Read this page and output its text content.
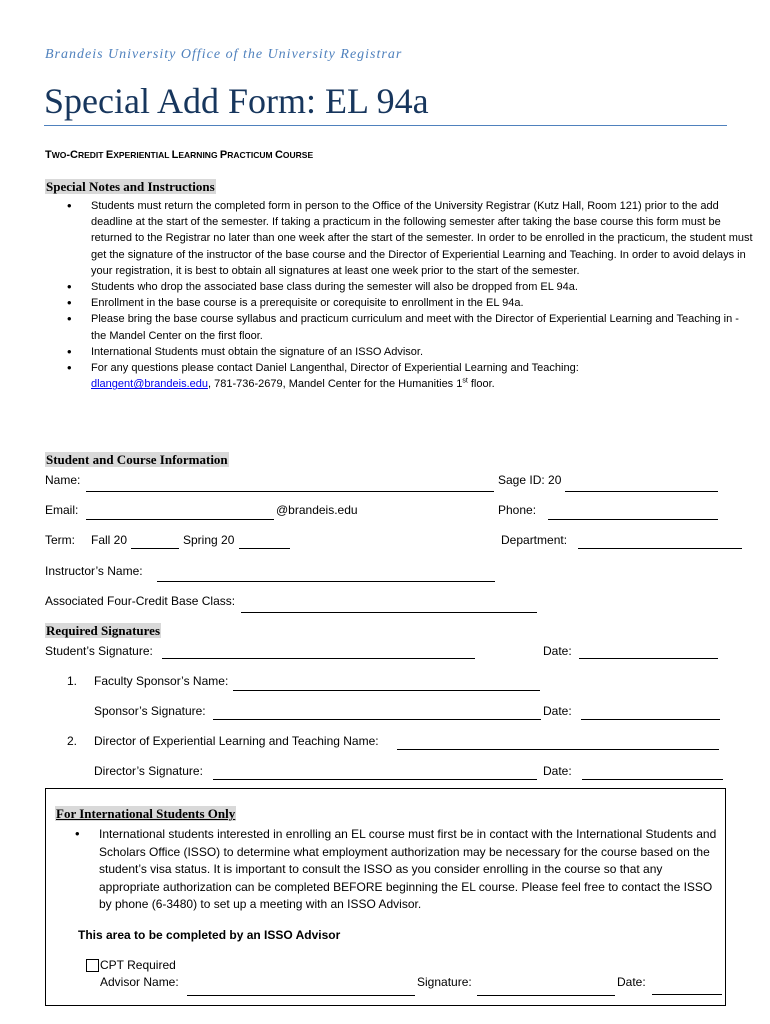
Brandeis University Office of the University Registrar
Special Add Form: EL 94a
TWO-CREDIT EXPERIENTIAL LEARNING PRACTICUM COURSE
Special Notes and Instructions
• Students must return the completed form in person to the Office of the University Registrar (Kutz Hall, Room 121) prior to the add deadline at the start of the semester. If taking a practicum in the following semester after taking the base course this form must be returned to the Registrar no later than one week after the start of the semester. In order to be enrolled in the practicum, the student must get the signature of the instructor of the base course and the Director of Experiential Learning and Teaching. In order to avoid delays in your registration, it is best to obtain all signatures at least one week prior to the start of the semester.
• Students who drop the associated base class during the semester will also be dropped from EL 94a.
• Enrollment in the base course is a prerequisite or corequisite to enrollment in the EL 94a.
• Please bring the base course syllabus and practicum curriculum and meet with the Director of Experiential Learning and Teaching in - the Mandel Center on the first floor.
• International Students must obtain the signature of an ISSO Advisor.
• For any questions please contact Daniel Langenthal, Director of Experiential Learning and Teaching:
dlangent@brandeis.edu, 781-736-2679, Mandel Center for the Humanities 1st floor.
Student and Course Information
Name:	Sage ID: 20
Email:	@brandeis.edu	Phone:
Term: Fall 20	Spring 20	Department:
Instructor’s Name:
Associated Four-Credit Base Class:
Required Signatures
Student’s Signature:	Date:
1. Faculty Sponsor’s Name:
Sponsor’s Signature:	Date:
2. Director of Experiential Learning and Teaching Name:
Director’s Signature:	Date:
For International Students Only
• International students interested in enrolling an EL course must first be in contact with the International Students and Scholars Office (ISSO) to determine what employment authorization may be necessary for the course based on the student’s visa status. It is important to consult the ISSO as you consider enrolling in the course so that any appropriate authorization can be completed BEFORE beginning the EL course. Please feel free to contact the ISSO by phone (6-3480) to set up a meeting with an ISSO Advisor.
This area to be completed by an ISSO Advisor
CPT Required
Advisor Name:	Signature:	Date:
